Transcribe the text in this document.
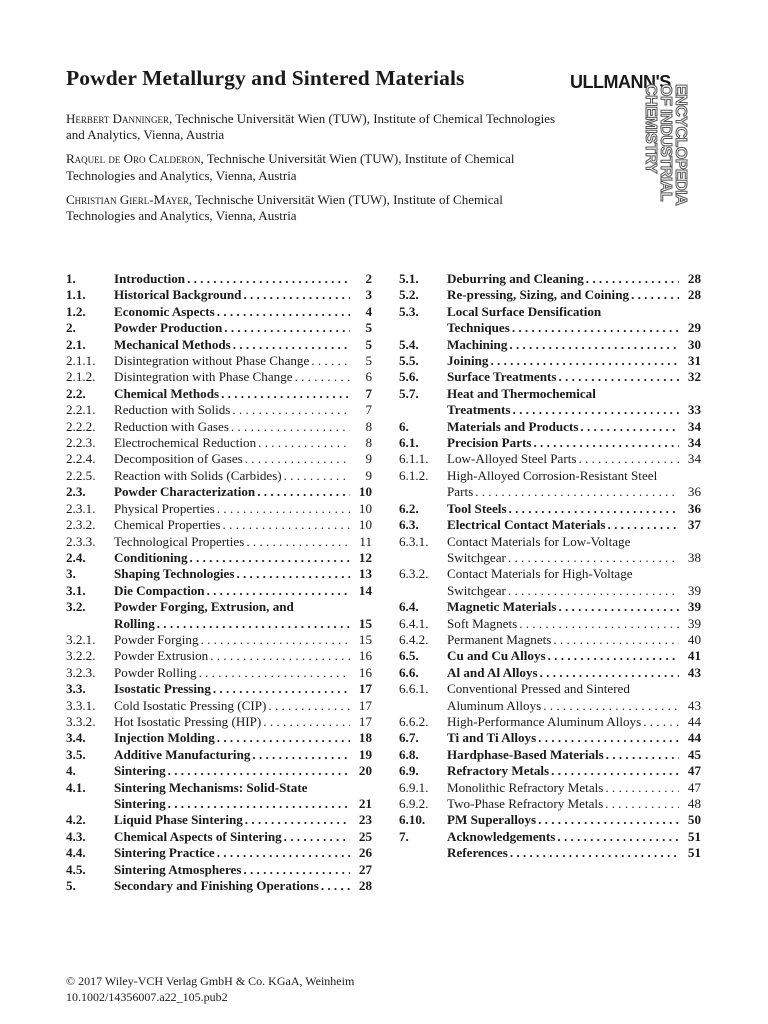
Powder Metallurgy and Sintered Materials	ULLMANN'S
ENCYCLOPEDIA
OF INDUSTRIAL
CHEMISTRY

Herbert Danninger, Technische Universität Wien (TUW), Institute of Chemical Technologies and Analytics, Vienna, Austria

Raquel de Oro Calderon, Technische Universität Wien (TUW), Institute of Chemical Technologies and Analytics, Vienna, Austria

Christian Gierl-Mayer, Technische Universität Wien (TUW), Institute of Chemical Technologies and Analytics, Vienna, Austria

1.	Introduction . . .	2
1.1. Historical Background . . .	3
1.2. Economic Aspects . . .	4
2.	Powder Production . . .	5
2.1. Mechanical Methods . . .	5
2.1.1. Disintegration without Phase Change . . .	5
2.1.2. Disintegration with Phase Change . . .	6
2.2. Chemical Methods . . .	7
2.2.1. Reduction with Solids . . .	7
2.2.2. Reduction with Gases . . .	8
2.2.3. Electrochemical Reduction . . .	8
2.2.4. Decomposition of Gases . . .	9
2.2.5. Reaction with Solids (Carbides) . . .	9
2.3. Powder Characterization . . .	10
2.3.1. Physical Properties . . .	10
2.3.2. Chemical Properties . . .	10
2.3.3. Technological Properties . . .	11
2.4. Conditioning . . .	12
3.	Shaping Technologies . . .	13
3.1. Die Compaction . . .	14
3.2. Powder Forging, Extrusion, and
Rolling . . .	15
3.2.1. Powder Forging . . .	15
3.2.2. Powder Extrusion . . .	16
3.2.3. Powder Rolling . . .	16
3.3. Isostatic Pressing . . .	17
3.3.1. Cold Isostatic Pressing (CIP) . . .	17
3.3.2. Hot Isostatic Pressing (HIP) . . .	17
3.4. Injection Molding . . .	18
3.5. Additive Manufacturing . . .	19
4.	Sintering . . .	20
4.1. Sintering Mechanisms: Solid-State
Sintering . . .	21
4.2. Liquid Phase Sintering . . .	23
4.3. Chemical Aspects of Sintering . . .	25
4.4. Sintering Practice . . .	26
4.5. Sintering Atmospheres . . .	27
5.	Secondary and Finishing Operations . . .	28
5.1. Deburring and Cleaning . . .	28
5.2. Re-pressing, Sizing, and Coining . . .	28
5.3. Local Surface Densification
Techniques . . .	29
5.4. Machining . . .	30
5.5. Joining . . .	31
5.6. Surface Treatments . . .	32
5.7. Heat and Thermochemical
Treatments . . .	33
6.	Materials and Products . . .	34
6.1. Precision Parts . . .	34
6.1.1. Low-Alloyed Steel Parts . . .	34
6.1.2. High-Alloyed Corrosion-Resistant Steel
Parts . . .	36
6.2. Tool Steels . . .	36
6.3. Electrical Contact Materials . . .	37
6.3.1. Contact Materials for Low-Voltage
Switchgear . . .	38
6.3.2. Contact Materials for High-Voltage
Switchgear . . .	39
6.4. Magnetic Materials . . .	39
6.4.1. Soft Magnets . . .	39
6.4.2. Permanent Magnets . . .	40
6.5. Cu and Cu Alloys . . .	41
6.6. Al and Al Alloys . . .	43
6.6.1. Conventional Pressed and Sintered
Aluminum Alloys . . .	43
6.6.2. High-Performance Aluminum Alloys . . .	44
6.7. Ti and Ti Alloys . . .	44
6.8. Hardphase-Based Materials . . .	45
6.9. Refractory Metals . . .	47
6.9.1. Monolithic Refractory Metals . . .	47
6.9.2. Two-Phase Refractory Metals . . .	48
6.10. PM Superalloys . . .	50
7.	Acknowledgements . . .	51
References . . .	51
© 2017 Wiley-VCH Verlag GmbH & Co. KGaA, Weinheim
10.1002/14356007.a22_105.pub2
